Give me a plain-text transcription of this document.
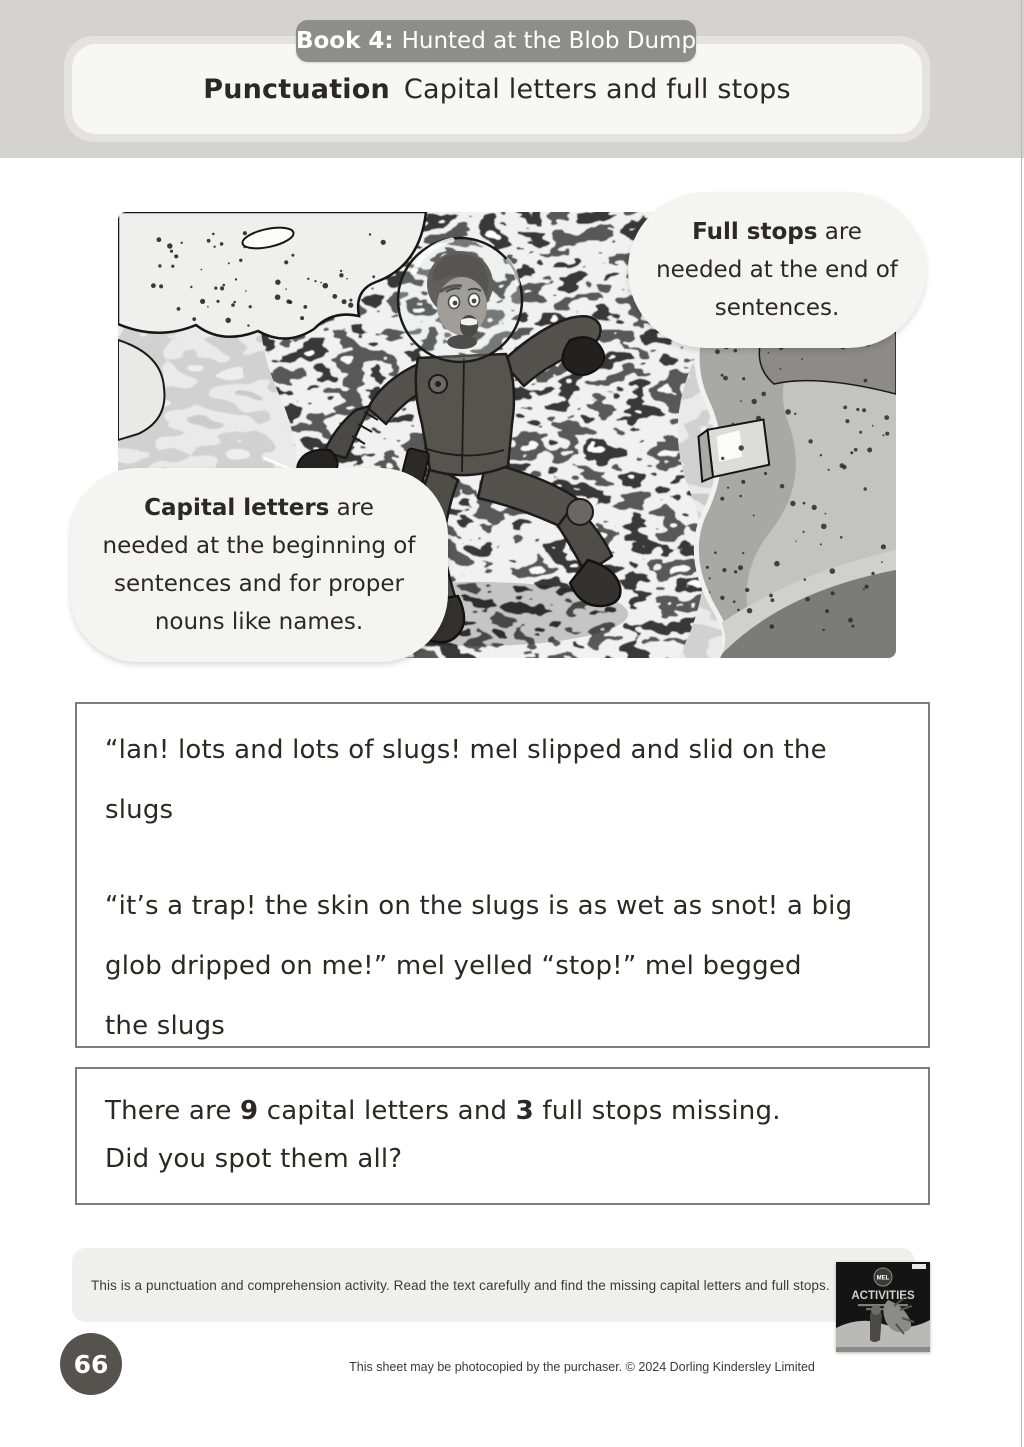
Punctuation Capital letters and full stops
Book 4: Hunted at the Blob Dump
Full stops are
needed at the end of
sentences.
Capital letters are
needed at the beginning of
sentences and for proper
nouns like names.
“lan! lots and lots of slugs! mel slipped and slid on the
slugs
“it’s a trap! the skin on the slugs is as wet as snot! a big
glob dripped on me!” mel yelled “stop!” mel begged
the slugs
There are 9 capital letters and 3 full stops missing.
Did you spot them all?
This is a punctuation and comprehension activity. Read the text carefully and find the missing capital letters and full stops.	MEL
ACTIVITIES
66	This sheet may be photocopied by the purchaser. © 2024 Dorling Kindersley Limited
